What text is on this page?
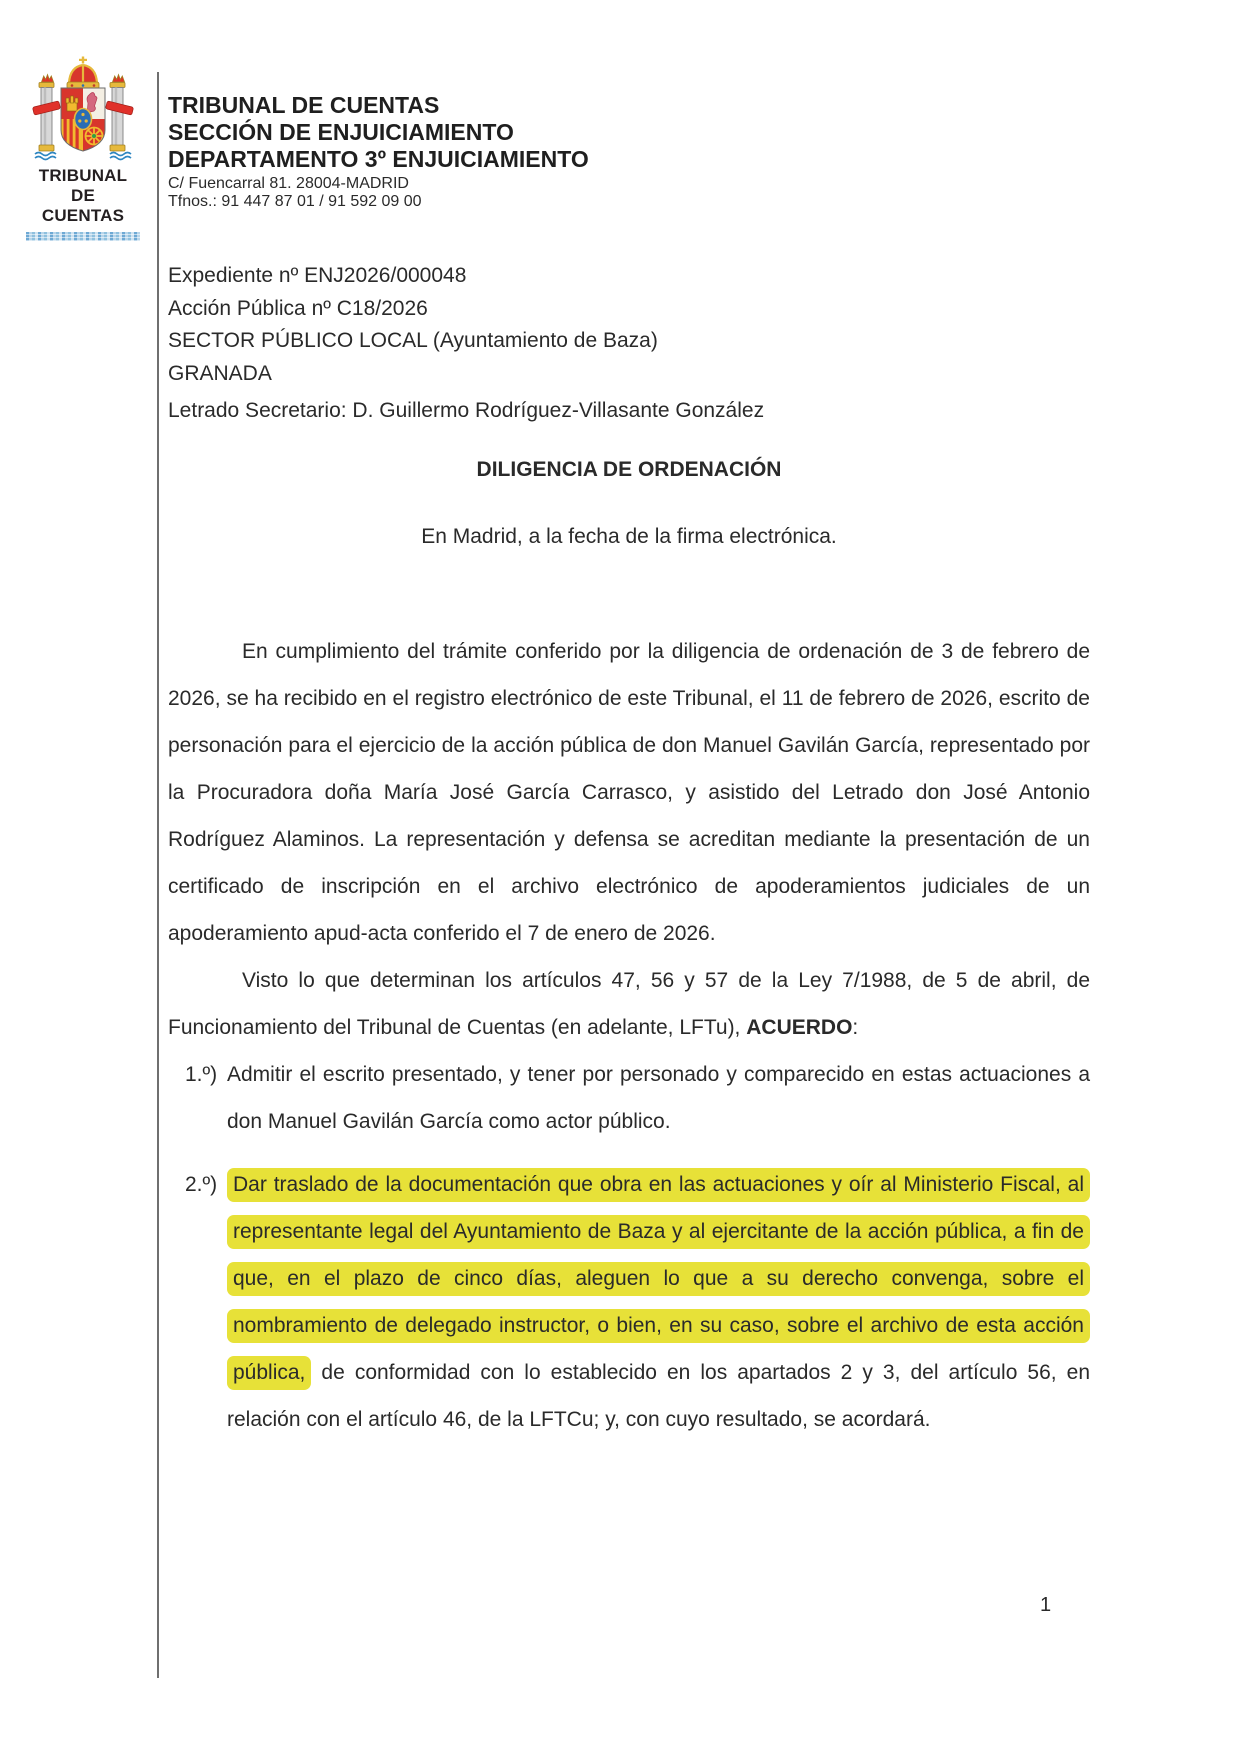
TRIBUNAL DE
CUENTAS
TRIBUNAL DE CUENTAS
SECCIÓN DE ENJUICIAMIENTO
DEPARTAMENTO 3º ENJUICIAMIENTO
C/ Fuencarral 81. 28004-MADRID
Tfnos.: 91 447 87 01 / 91 592 09 00
Expediente nº ENJ2026/000048
Acción Pública nº C18/2026
SECTOR PÚBLICO LOCAL (Ayuntamiento de Baza)
GRANADA
Letrado Secretario: D. Guillermo Rodríguez-Villasante González
DILIGENCIA DE ORDENACIÓN
En Madrid, a la fecha de la firma electrónica.

En cumplimiento del trámite conferido por la diligencia de ordenación de 3 de febrero de 2026, se ha recibido en el registro electrónico de este Tribunal, el 11 de febrero de 2026, escrito de personación para el ejercicio de la acción pública de don Manuel Gavilán García, representado por la Procuradora doña María José García Carrasco, y asistido del Letrado don José Antonio Rodríguez Alaminos. La representación y defensa se acreditan mediante la presentación de un certificado de inscripción en el archivo electrónico de apoderamientos judiciales de un apoderamiento apud-acta conferido el 7 de enero de 2026.

Visto lo que determinan los artículos 47, 56 y 57 de la Ley 7/1988, de 5 de abril, de Funcionamiento del Tribunal de Cuentas (en adelante, LFTu), ACUERDO:

1.º) Admitir el escrito presentado, y tener por personado y comparecido en estas actuaciones a don Manuel Gavilán García como actor público.
2.º) Dar traslado de la documentación que obra en las actuaciones y oír al Ministerio Fiscal, al representante legal del Ayuntamiento de Baza y al ejercitante de la acción pública, a fin de que, en el plazo de cinco días, aleguen lo que a su derecho convenga, sobre el nombramiento de delegado instructor, o bien, en su caso, sobre el archivo de esta acción pública, de conformidad con lo establecido en los apartados 2 y 3, del artículo 56, en relación con el artículo 46, de la LFTCu; y, con cuyo resultado, se acordará.
1
